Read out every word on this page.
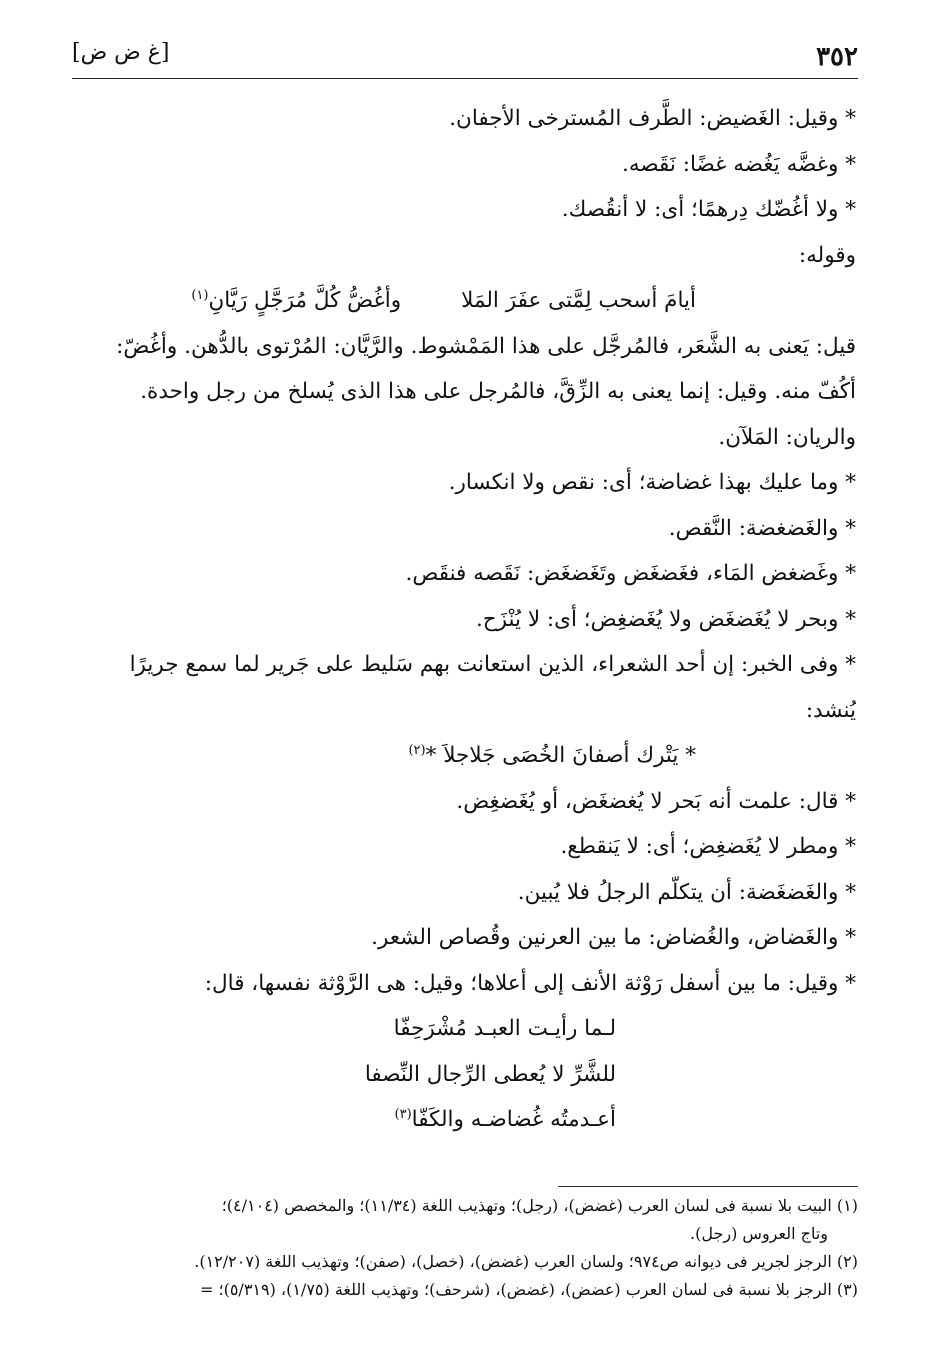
٣٥٢
[غ ض ض]
* وقيل: الغَضيض: الطَّرف المُسترخى الأجفان.
* وغضَّه يَغُضه غضًا: نَقَصه.
* ولا أغُضّك دِرهمًا؛ أى: لا أنقُصك.
وقوله:
أيامَ أسحب لِمَّتى عفَرَ المَلا
وأغُضُّ كُلَّ مُرَجَّلٍ رَيَّانِ$^{(١)}$
قيل: يَعنى به الشَّعَر، فالمُرجَّل على هذا المَمْشوط. والرَّيَّان: المُرْتوى بالدُّهن. وأغُضّ:
أكُفّ منه. وقيل: إنما يعنى به الزِّقَّ، فالمُرجل على هذا الذى يُسلخ من رجل واحدة.
والريان: المَلآن.
* وما عليك بهذا غضاضة؛ أى: نقص ولا انكسار.
* والغَضغضة: النَّقص.
* وغَضغض المَاء، فغَضغَض وتَغَضغَض: نَقَصه فنقَص.
* وبحر لا يُغَضغَض ولا يُغَضغِض؛ أى: لا يُنْزَح.
* وفى الخبر: إن أحد الشعراء، الذين استعانت بهم سَليط على جَرير لما سمع جريرًا
يُنشد:
* يَتْرك أصفانَ الخُصَى جَلاجلاَ *$^{(٢)}$
* قال: علمت أنه بَحر لا يُغضغَض، أو يُغَضغِض.
* ومطر لا يُغَضغِض؛ أى: لا يَنقطع.
* والغَضغَضة: أن يتكلّم الرجلُ فلا يُبين.
* والغَضاض، والغُضاض: ما بين العرنين وقُصاص الشعر.
* وقيل: ما بين أسفل رَوْثة الأنف إلى أعلاها؛ وقيل: هى الرَّوْثة نفسها، قال:
لـما رأيـت العبـد مُشْرَحِفّا
للشَّرِّ لا يُعطى الرِّجال النِّصفا
أعـدمتُه غُضاضـه والكَفّا$^{(٣)}$
(١) البيت بلا نسبة فى لسان العرب (غضض)، (رجل)؛ وتهذيب اللغة (١١/٣٤)؛ والمخصص (٤/١٠٤)؛
وتاج العروس (رجل).
(٢) الرجز لجرير فى ديوانه ص٩٧٤؛ ولسان العرب (غضض)، (خصل)، (صفن)؛ وتهذيب اللغة (١٢/٢٠٧).
(٣) الرجز بلا نسبة فى لسان العرب (عضض)، (غضض)، (شرحف)؛ وتهذيب اللغة (١/٧٥)، (٥/٣١٩)؛ =
